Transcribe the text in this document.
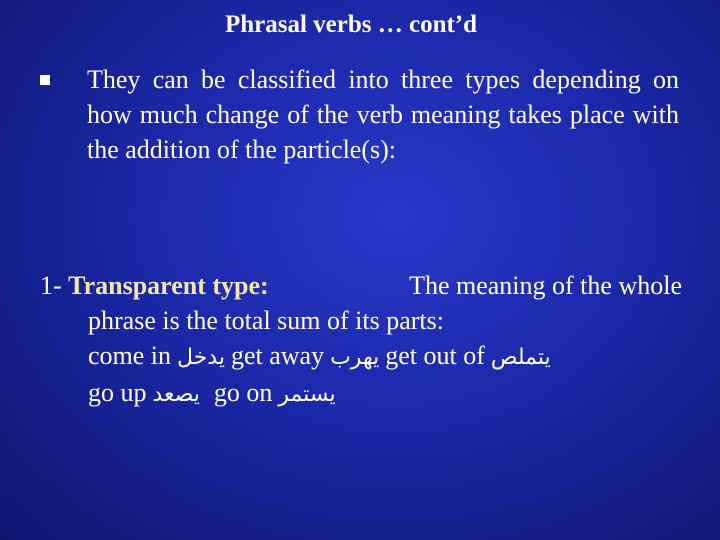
Phrasal verbs … cont’d
They can be classified into three types depending on how much change of the verb meaning takes place with the addition of the particle(s):
1- Transparent type:	The meaning of the whole
phrase is the total sum of its parts:
come in يدخل get away يهرب get out of يتملص
go up يصعد go on يستمر
